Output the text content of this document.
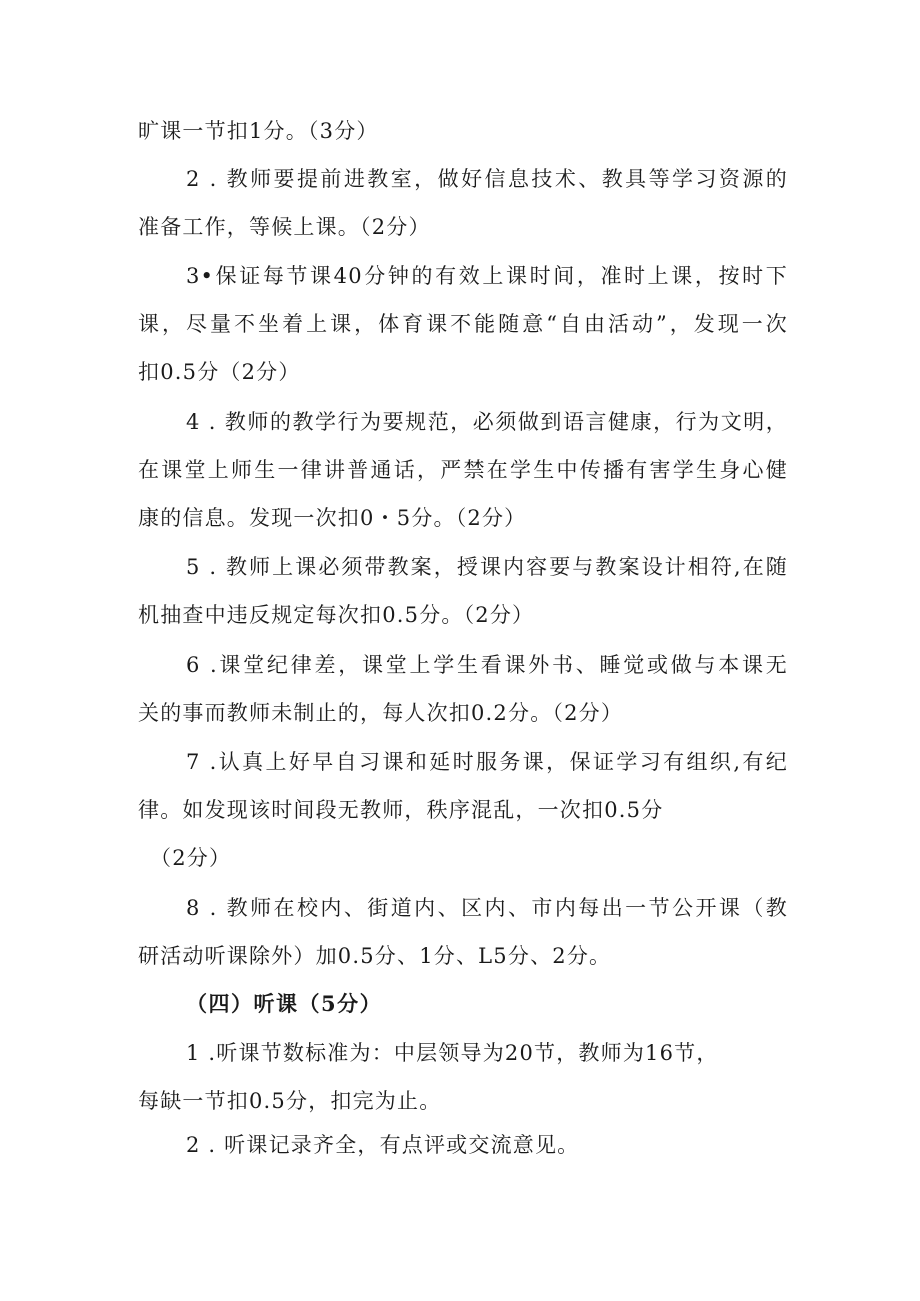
旷课一节扣1分。（3分）
2 . 教师要提前进教室，做好信息技术、教具等学习资源的
准备工作，等候上课。（2分）
3•保证每节课40分钟的有效上课时间，准时上课，按时下
课，尽量不坐着上课，体育课不能随意“自由活动”，发现一次
扣0.5分（2分）
4 . 教师的教学行为要规范，必须做到语言健康，行为文明，
在课堂上师生一律讲普通话，严禁在学生中传播有害学生身心健
康的信息。发现一次扣0・5分。（2分）
5 . 教师上课必须带教案，授课内容要与教案设计相符,在随
机抽查中违反规定每次扣0.5分。（2分）
6 .课堂纪律差，课堂上学生看课外书、睡觉或做与本课无
关的事而教师未制止的，每人次扣0.2分。（2分）
7 .认真上好早自习课和延时服务课，保证学习有组织,有纪
律。如发现该时间段无教师，秩序混乱，一次扣0.5分
（2分）
8 . 教师在校内、街道内、区内、市内每出一节公开课（教
研活动听课除外）加0.5分、1分、L5分、2分。
（四）听课（5分）
1 .听课节数标准为：中层领导为20节，教师为16节，
每缺一节扣0.5分，扣完为止。
2 . 听课记录齐全，有点评或交流意见。
